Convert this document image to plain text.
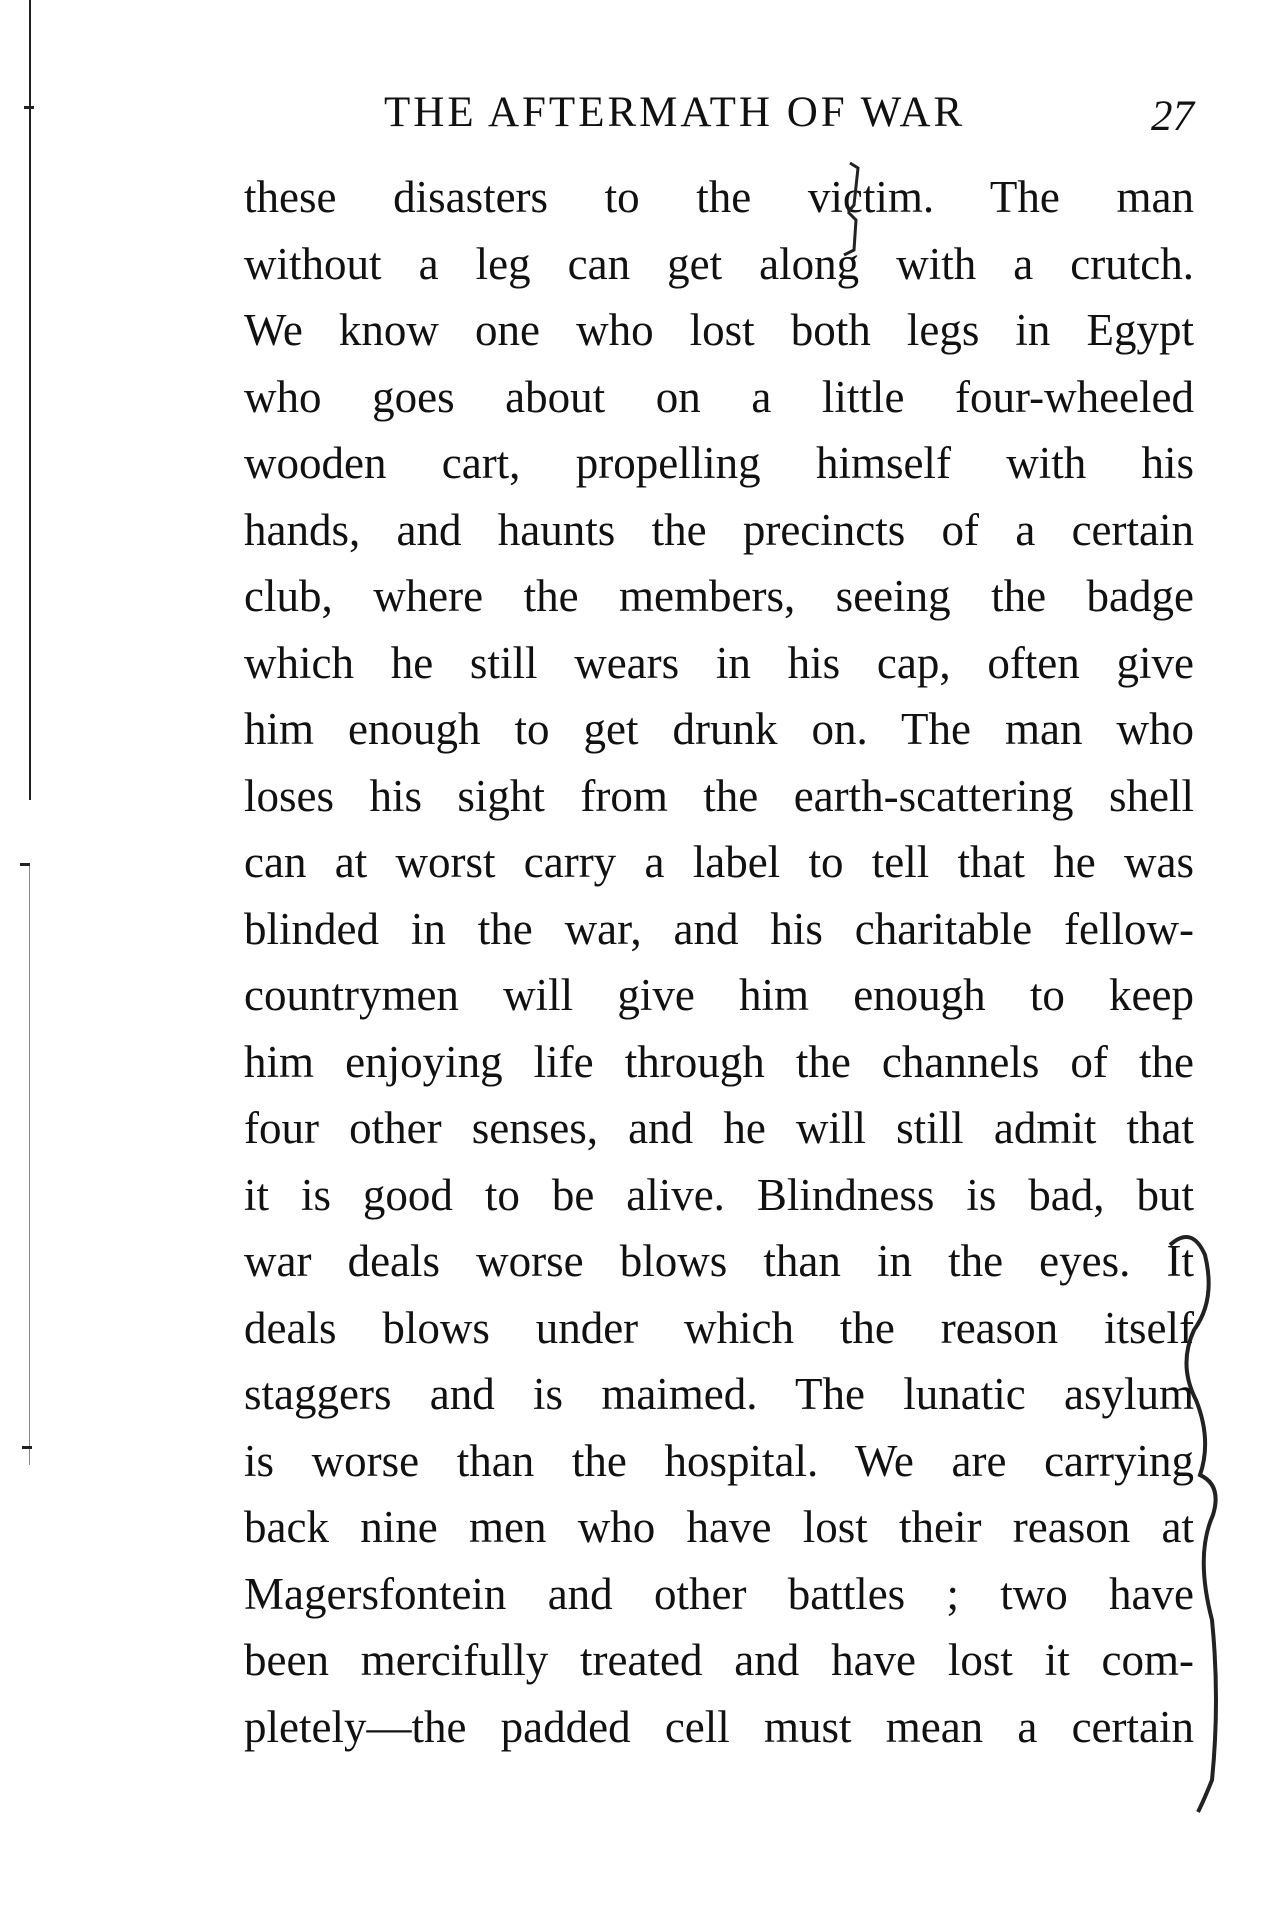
THE AFTERMATH OF WAR	27
these disasters to the victim. The man
without a leg can get along with a crutch.
We know one who lost both legs in Egypt
who goes about on a little four-wheeled
wooden cart, propelling himself with his
hands, and haunts the precincts of a certain
club, where the members, seeing the badge
which he still wears in his cap, often give
him enough to get drunk on. The man who
loses his sight from the earth-scattering shell
can at worst carry a label to tell that he was
blinded in the war, and his charitable fellow-
countrymen will give him enough to keep
him enjoying life through the channels of the
four other senses, and he will still admit that
it is good to be alive. Blindness is bad, but
war deals worse blows than in the eyes. It
deals blows under which the reason itself
staggers and is maimed. The lunatic asylum
is worse than the hospital. We are carrying
back nine men who have lost their reason at
Magersfontein and other battles ; two have
been mercifully treated and have lost it com-
pletely—the padded cell must mean a certain
